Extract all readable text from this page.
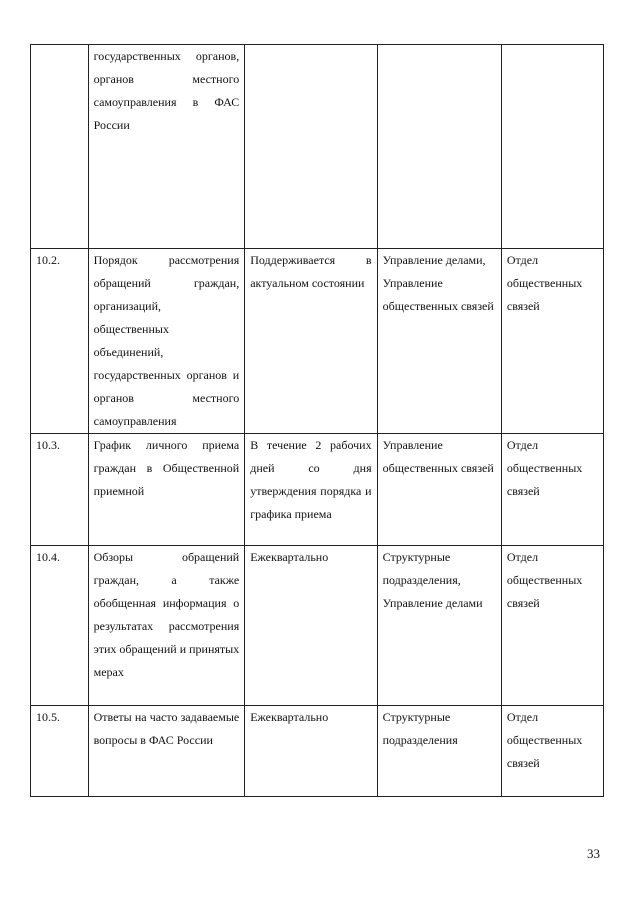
	государственных органов, органов местного самоуправления в ФАС России			
10.2.	Порядок рассмотрения обращений граждан, организаций, общественных объединений, государственных органов и органов местного самоуправления	Поддерживается в актуальном состоянии	Управление делами, Управление общественных связей	Отдел общественных связей
10.3.	График личного приема граждан в Общественной приемной	В течение 2 рабочих дней со дня утверждения порядка и графика приема	Управление общественных связей	Отдел общественных связей
10.4.	Обзоры обращений граждан, а также обобщенная информация о результатах рассмотрения этих обращений и принятых мерах	Ежеквартально	Структурные подразделения, Управление делами	Отдел общественных связей
10.5.	Ответы на часто задаваемые вопросы в ФАС России	Ежеквартально	Структурные подразделения	Отдел общественных связей
33
